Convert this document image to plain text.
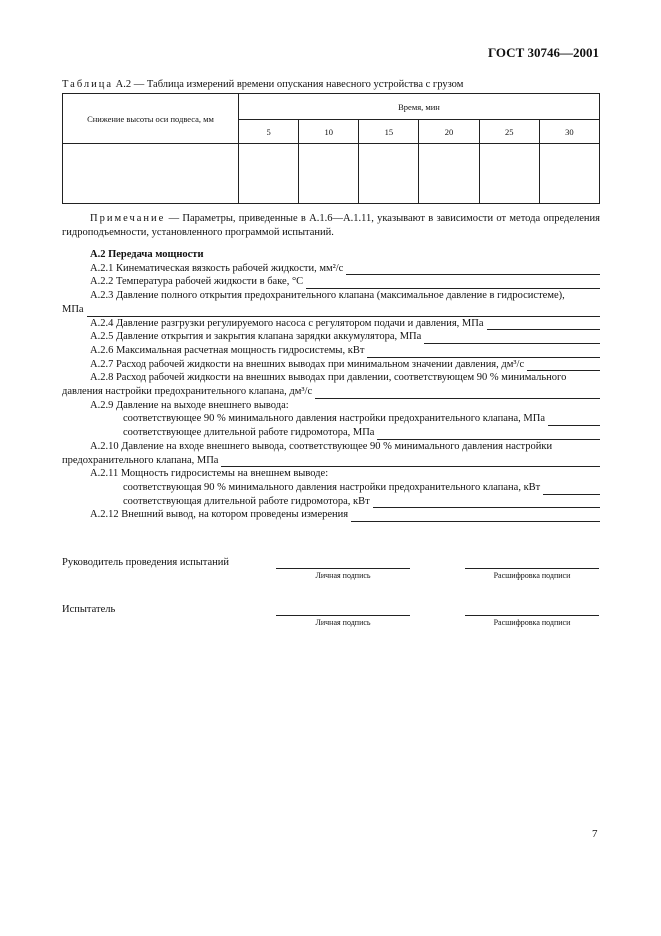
ГОСТ 30746—2001
Таблица А.2 — Таблица измерений времени опускания навесного устройства с грузом
Снижение высоты оси подвеса, мм	Время, мин					
	5	10	15	20	25	30

Примечание — Параметры, приведенные в А.1.6—А.1.11, указывают в зависимости от метода определения гидроподъемности, установленного программой испытаний.
А.2 Передача мощности
А.2.1 Кинематическая вязкость рабочей жидкости, мм²/с
А.2.2 Температура рабочей жидкости в баке, °С
А.2.3 Давление полного открытия предохранительного клапана (максимальное давление в гидросистеме),
МПа
А.2.4 Давление разгрузки регулируемого насоса с регулятором подачи и давления, МПа
А.2.5 Давление открытия и закрытия клапана зарядки аккумулятора, МПа
А.2.6 Максимальная расчетная мощность гидросистемы, кВт
А.2.7 Расход рабочей жидкости на внешних выводах при минимальном значении давления, дм³/с
А.2.8 Расход рабочей жидкости на внешних выводах при давлении, соответствующем 90 % минимального
давления настройки предохранительного клапана, дм³/с
А.2.9 Давление на выходе внешнего вывода:
соответствующее 90 % минимального давления настройки предохранительного клапана, МПа
соответствующее длительной работе гидромотора, МПа
А.2.10 Давление на входе внешнего вывода, соответствующее 90 % минимального давления настройки
предохранительного клапана, МПа
А.2.11 Мощность гидросистемы на внешнем выводе:
соответствующая 90 % минимального давления настройки предохранительного клапана, кВт
соответствующая длительной работе гидромотора, кВт
А.2.12 Внешний вывод, на котором проведены измерения
Руководитель проведения испытаний
Личная подпись	Расшифровка подписи
Испытатель
Личная подпись	Расшифровка подписи
7
